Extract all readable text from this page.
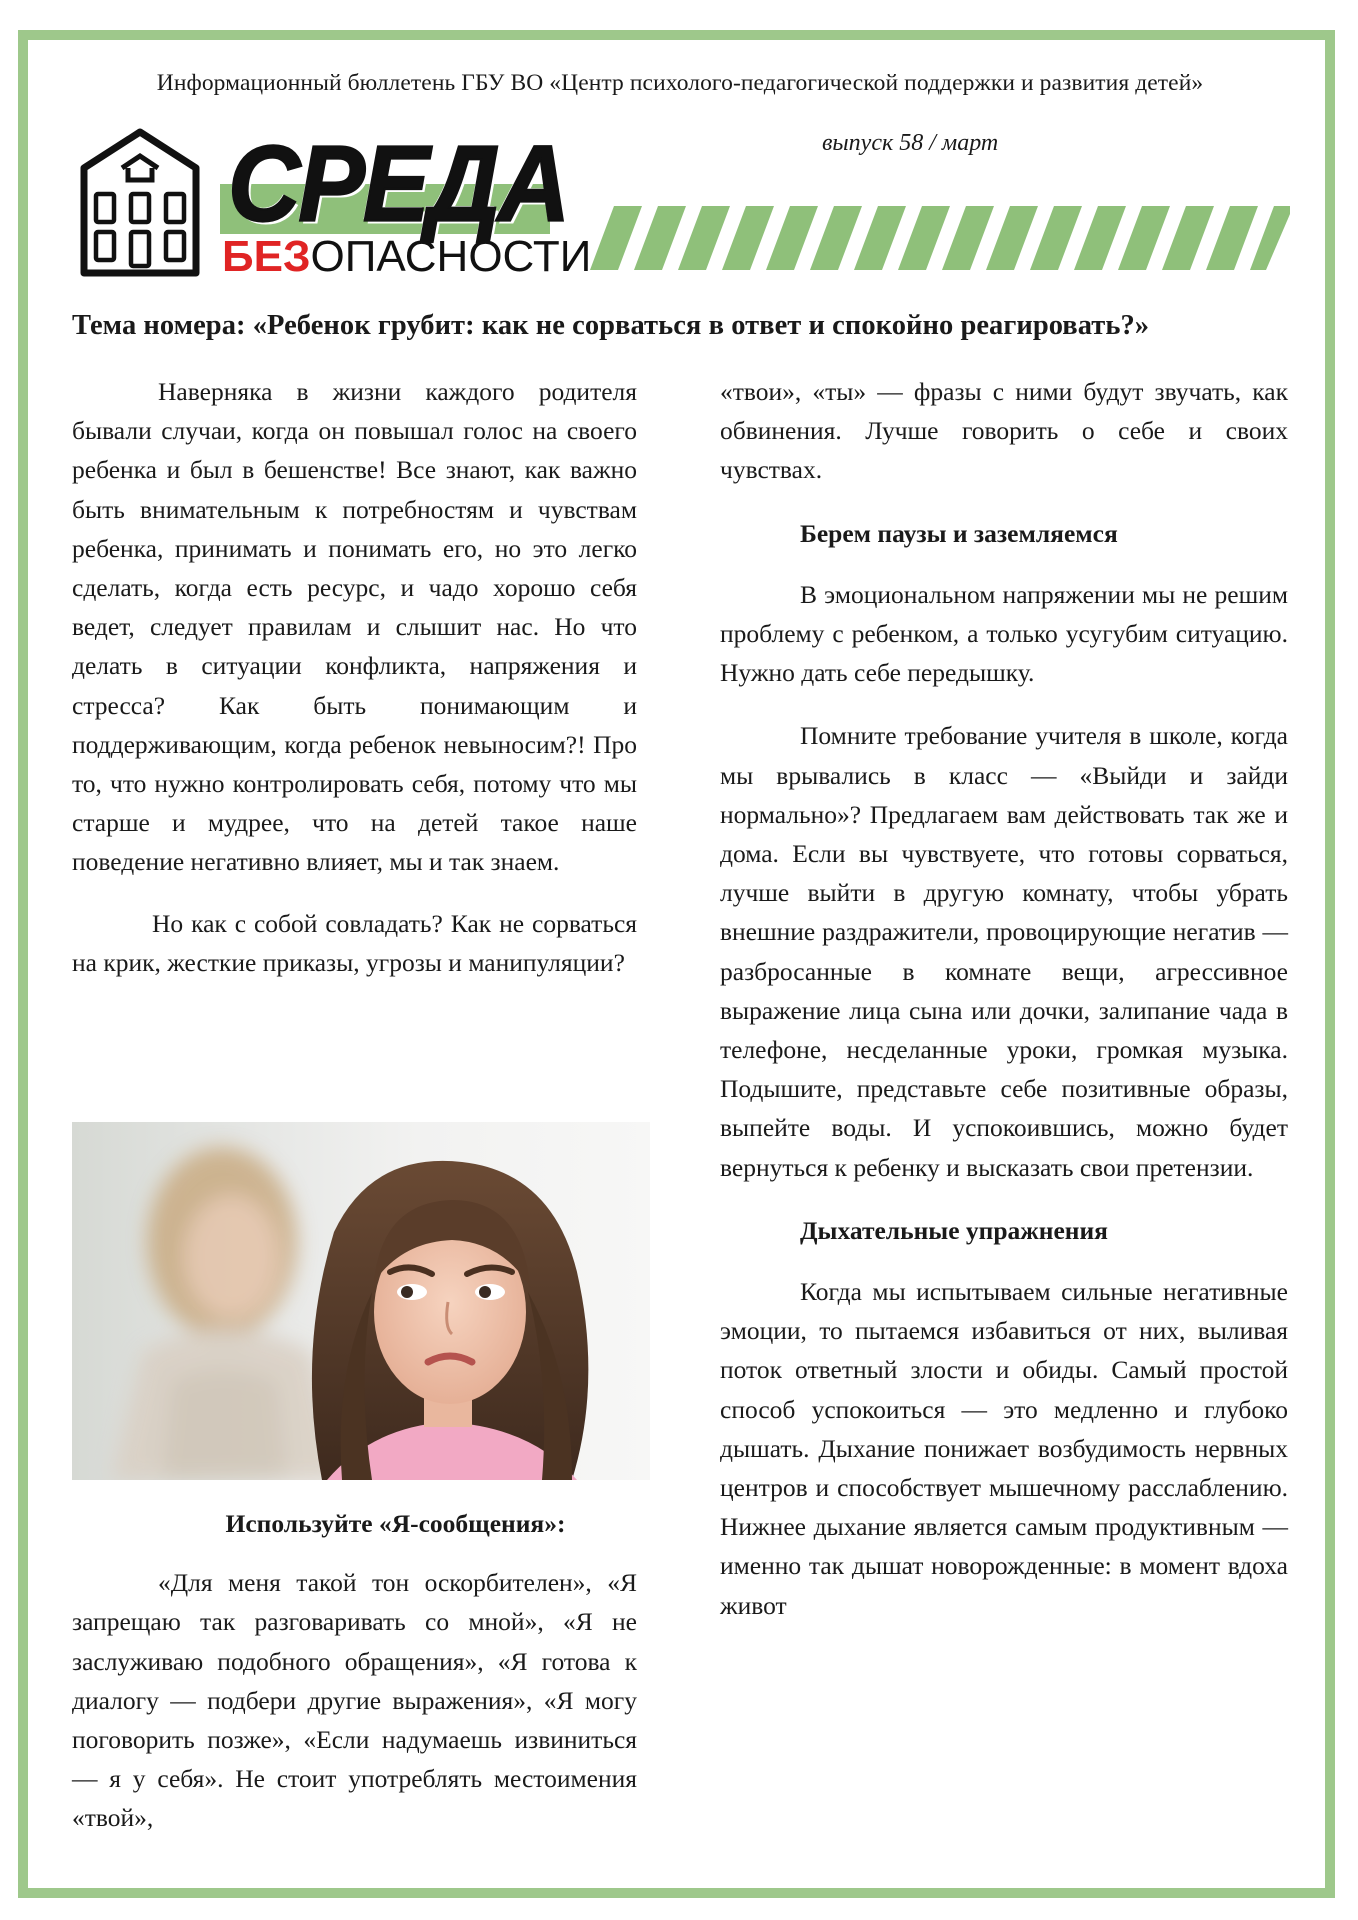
Информационный бюллетень ГБУ ВО «Центр психолого-педагогической поддержки и развития детей»
СРЕДА
БЕЗОПАСНОСТИ
выпуск 58 / март
Тема номера: «Ребенок грубит: как не сорваться в ответ и спокойно реагировать?»

Наверняка в жизни каждого родителя бывали случаи, когда он повышал голос на своего ребенка и был в бешенстве! Все знают, как важно быть внимательным к потребностям и чувствам ребенка, принимать и понимать его, но это легко сделать, когда есть ресурс, и чадо хорошо себя ведет, следует правилам и слышит нас. Но что делать в ситуации конфликта, напряжения и стресса? Как быть понимающим и поддерживающим, когда ребенок невыносим?! Про то, что нужно контролировать себя, потому что мы старше и мудрее, что на детей такое наше поведение негативно влияет, мы и так знаем.

Но как с собой совладать? Как не сорваться на крик, жесткие приказы, угрозы и манипуляции?

Используйте «Я-сообщения»:

«Для меня такой тон оскорбителен», «Я запрещаю так разговаривать со мной», «Я не заслуживаю подобного обращения», «Я готова к диалогу — подбери другие выражения», «Я могу поговорить позже», «Если надумаешь извиниться — я у себя». Не стоит употреблять местоимения «твой»,

«твои», «ты» — фразы с ними будут звучать, как обвинения. Лучше говорить о себе и своих чувствах.

Берем паузы и заземляемся

В эмоциональном напряжении мы не решим проблему с ребенком, а только усугубим ситуацию. Нужно дать себе передышку.

Помните требование учителя в школе, когда мы врывались в класс — «Выйди и зайди нормально»? Предлагаем вам действовать так же и дома. Если вы чувствуете, что готовы сорваться, лучше выйти в другую комнату, чтобы убрать внешние раздражители, провоцирующие негатив — разбросанные в комнате вещи, агрессивное выражение лица сына или дочки, залипание чада в телефоне, несделанные уроки, громкая музыка. Подышите, представьте себе позитивные образы, выпейте воды. И успокоившись, можно будет вернуться к ребенку и высказать свои претензии.

Дыхательные упражнения

Когда мы испытываем сильные негативные эмоции, то пытаемся избавиться от них, выливая поток ответный злости и обиды. Самый простой способ успокоиться — это медленно и глубоко дышать. Дыхание понижает возбудимость нервных центров и способствует мышечному расслаблению. Нижнее дыхание является самым продуктивным — именно так дышат новорожденные: в момент вдоха живот
